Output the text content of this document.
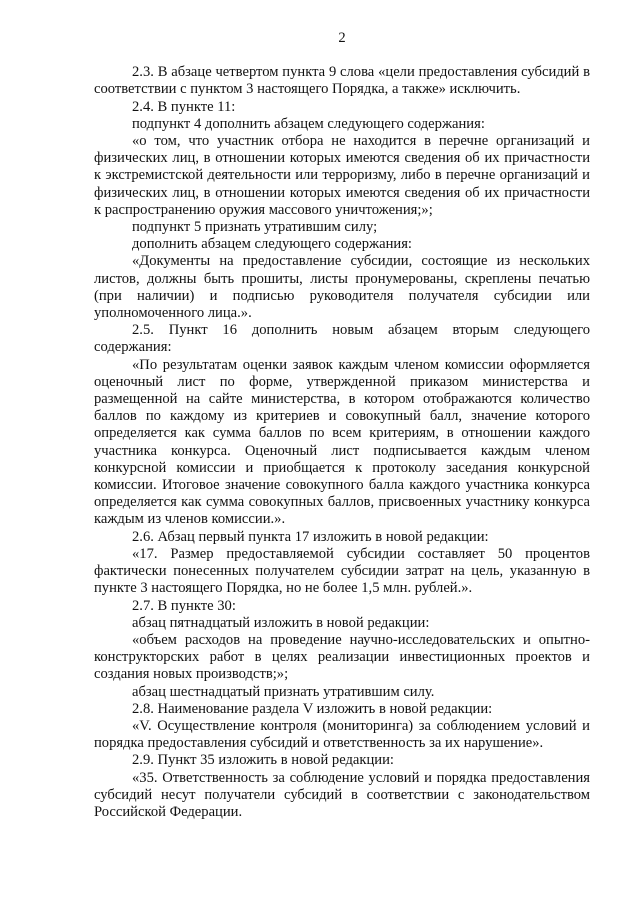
2

2.3. В абзаце четвертом пункта 9 слова «цели предоставления субсидий в соответствии с пунктом 3 настоящего Порядка, а также» исключить.

2.4. В пункте 11:

подпункт 4 дополнить абзацем следующего содержания:

«о том, что участник отбора не находится в перечне организаций и физических лиц, в отношении которых имеются сведения об их причастности к экстремистской деятельности или терроризму, либо в перечне организаций и физических лиц, в отношении которых имеются сведения об их причастности к распространению оружия массового уничтожения;»;

подпункт 5 признать утратившим силу;

дополнить абзацем следующего содержания:

«Документы на предоставление субсидии, состоящие из нескольких листов, должны быть прошиты, листы пронумерованы, скреплены печатью (при наличии) и подписью руководителя получателя субсидии или уполномоченного лица.».

2.5. Пункт 16 дополнить новым абзацем вторым следующего содержания:

«По результатам оценки заявок каждым членом комиссии оформляется оценочный лист по форме, утвержденной приказом министерства и размещенной на сайте министерства, в котором отображаются количество баллов по каждому из критериев и совокупный балл, значение которого определяется как сумма баллов по всем критериям, в отношении каждого участника конкурса. Оценочный лист подписывается каждым членом конкурсной комиссии и приобщается к протоколу заседания конкурсной комиссии. Итоговое значение совокупного балла каждого участника конкурса определяется как сумма совокупных баллов, присвоенных участнику конкурса каждым из членов комиссии.».

2.6. Абзац первый пункта 17 изложить в новой редакции:

«17. Размер предоставляемой субсидии составляет 50 процентов фактически понесенных получателем субсидии затрат на цель, указанную в пункте 3 настоящего Порядка, но не более 1,5 млн. рублей.».

2.7. В пункте 30:

абзац пятнадцатый изложить в новой редакции:

«объем расходов на проведение научно-исследовательских и опытно-конструкторских работ в целях реализации инвестиционных проектов и создания новых производств;»;

абзац шестнадцатый признать утратившим силу.

2.8. Наименование раздела V изложить в новой редакции:

«V. Осуществление контроля (мониторинга) за соблюдением условий и порядка предоставления субсидий и ответственность за их нарушение».

2.9. Пункт 35 изложить в новой редакции:

«35. Ответственность за соблюдение условий и порядка предоставления субсидий несут получатели субсидий в соответствии с законодательством Российской Федерации.
